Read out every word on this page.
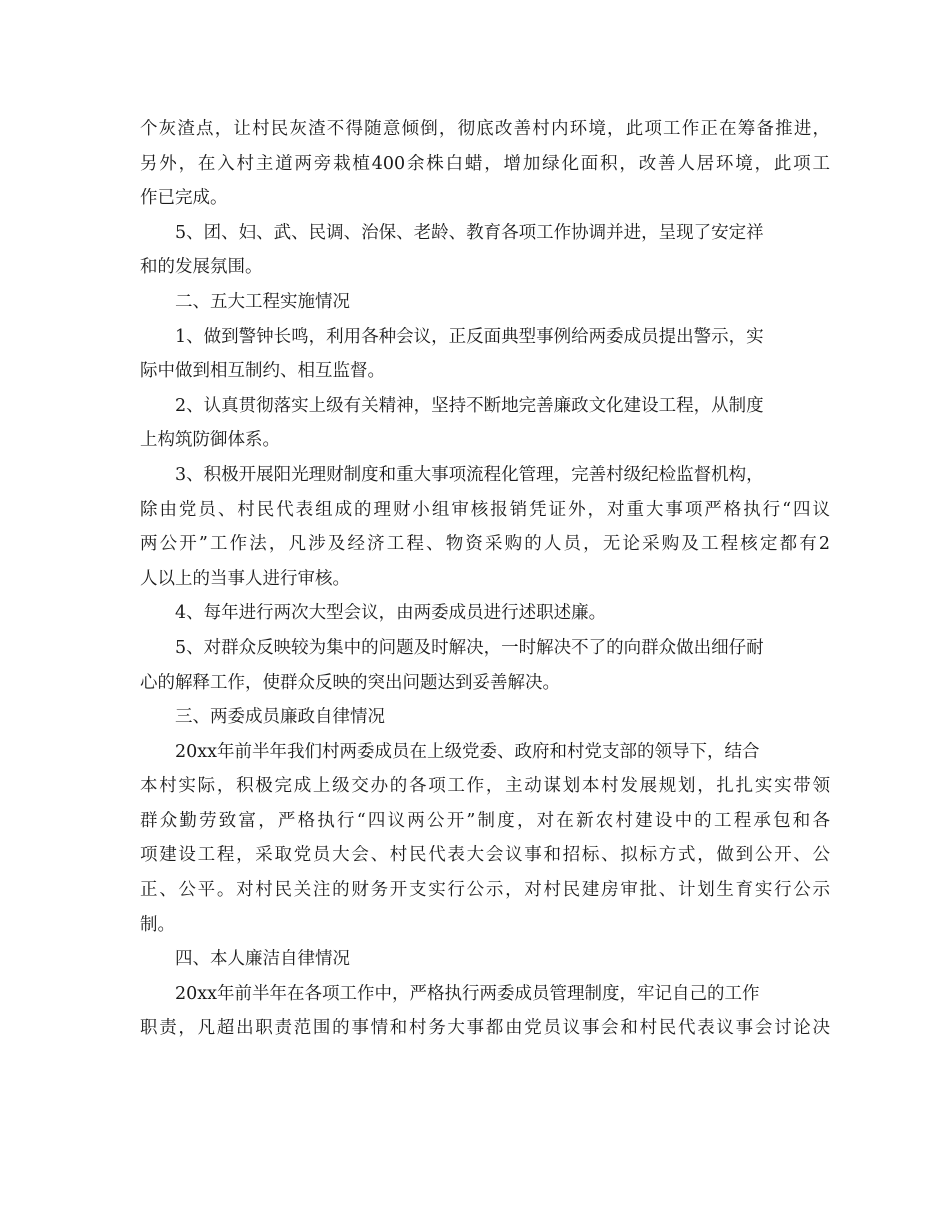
个灰渣点，让村民灰渣不得随意倾倒，彻底改善村内环境，此项工作正在筹备推进，
另外，在入村主道两旁栽植400余株白蜡，增加绿化面积，改善人居环境，此项工
作已完成。
5、团、妇、武、民调、治保、老龄、教育各项工作协调并进，呈现了安定祥
和的发展氛围。
二、五大工程实施情况
1、做到警钟长鸣，利用各种会议，正反面典型事例给两委成员提出警示，实
际中做到相互制约、相互监督。
2、认真贯彻落实上级有关精神，坚持不断地完善廉政文化建设工程，从制度
上构筑防御体系。
3、积极开展阳光理财制度和重大事项流程化管理，完善村级纪检监督机构，
除由党员、村民代表组成的理财小组审核报销凭证外，对重大事项严格执行“四议
两公开”工作法，凡涉及经济工程、物资采购的人员，无论采购及工程核定都有2
人以上的当事人进行审核。
4、每年进行两次大型会议，由两委成员进行述职述廉。
5、对群众反映较为集中的问题及时解决，一时解决不了的向群众做出细仔耐
心的解释工作，使群众反映的突出问题达到妥善解决。
三、两委成员廉政自律情况
20xx年前半年我们村两委成员在上级党委、政府和村党支部的领导下，结合
本村实际，积极完成上级交办的各项工作，主动谋划本村发展规划，扎扎实实带领
群众勤劳致富，严格执行“四议两公开”制度，对在新农村建设中的工程承包和各
项建设工程，采取党员大会、村民代表大会议事和招标、拟标方式，做到公开、公
正、公平。对村民关注的财务开支实行公示，对村民建房审批、计划生育实行公示
制。
四、本人廉洁自律情况
20xx年前半年在各项工作中，严格执行两委成员管理制度，牢记自己的工作
职责，凡超出职责范围的事情和村务大事都由党员议事会和村民代表议事会讨论决
